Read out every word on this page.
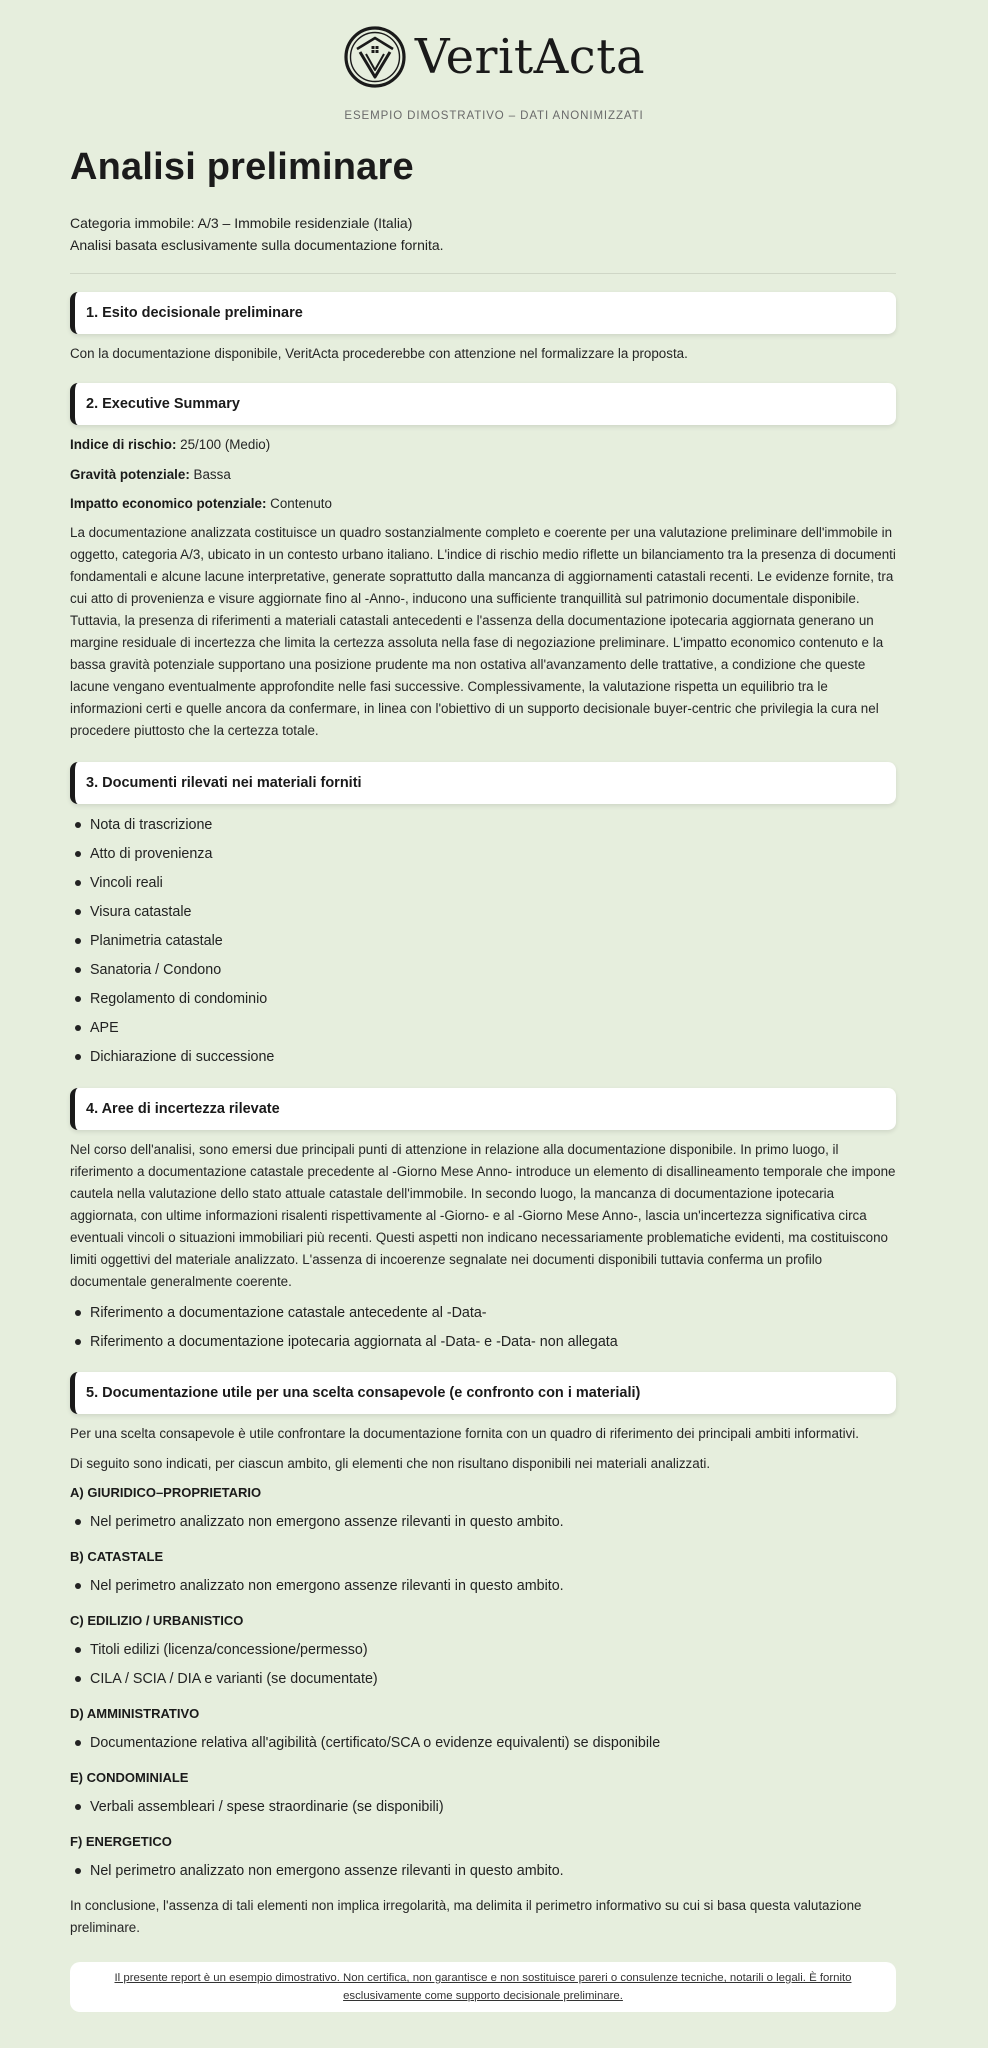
VeritActa
ESEMPIO DIMOSTRATIVO – DATI ANONIMIZZATI
Analisi preliminare
Categoria immobile: A/3 – Immobile residenziale (Italia)
Analisi basata esclusivamente sulla documentazione fornita.
1. Esito decisionale preliminare

Con la documentazione disponibile, VeritActa procederebbe con attenzione nel formalizzare la proposta.

2. Executive Summary
Indice di rischio: 25/100 (Medio)
Gravità potenziale: Bassa
Impatto economico potenziale: Contenuto

La documentazione analizzata costituisce un quadro sostanzialmente completo e coerente per una valutazione preliminare dell'immobile in oggetto, categoria A/3, ubicato in un contesto urbano italiano. L'indice di rischio medio riflette un bilanciamento tra la presenza di documenti fondamentali e alcune lacune interpretative, generate soprattutto dalla mancanza di aggiornamenti catastali recenti. Le evidenze fornite, tra cui atto di provenienza e visure aggiornate fino al -Anno-, inducono una sufficiente tranquillità sul patrimonio documentale disponibile. Tuttavia, la presenza di riferimenti a materiali catastali antecedenti e l'assenza della documentazione ipotecaria aggiornata generano un margine residuale di incertezza che limita la certezza assoluta nella fase di negoziazione preliminare. L'impatto economico contenuto e la bassa gravità potenziale supportano una posizione prudente ma non ostativa all'avanzamento delle trattative, a condizione che queste lacune vengano eventualmente approfondite nelle fasi successive. Complessivamente, la valutazione rispetta un equilibrio tra le informazioni certi e quelle ancora da confermare, in linea con l'obiettivo di un supporto decisionale buyer-centric che privilegia la cura nel procedere piuttosto che la certezza totale.

3. Documenti rilevati nei materiali forniti
Nota di trascrizione
Atto di provenienza
Vincoli reali
Visura catastale
Planimetria catastale
Sanatoria / Condono
Regolamento di condominio
APE
Dichiarazione di successione
4. Aree di incertezza rilevate

Nel corso dell'analisi, sono emersi due principali punti di attenzione in relazione alla documentazione disponibile. In primo luogo, il riferimento a documentazione catastale precedente al -Giorno Mese Anno- introduce un elemento di disallineamento temporale che impone cautela nella valutazione dello stato attuale catastale dell'immobile. In secondo luogo, la mancanza di documentazione ipotecaria aggiornata, con ultime informazioni risalenti rispettivamente al -Giorno- e al -Giorno Mese Anno-, lascia un'incertezza significativa circa eventuali vincoli o situazioni immobiliari più recenti. Questi aspetti non indicano necessariamente problematiche evidenti, ma costituiscono limiti oggettivi del materiale analizzato. L'assenza di incoerenze segnalate nei documenti disponibili tuttavia conferma un profilo documentale generalmente coerente.

Riferimento a documentazione catastale antecedente al -Data-
Riferimento a documentazione ipotecaria aggiornata al -Data- e -Data- non allegata
5. Documentazione utile per una scelta consapevole (e confronto con i materiali)

Per una scelta consapevole è utile confrontare la documentazione fornita con un quadro di riferimento dei principali ambiti informativi.

Di seguito sono indicati, per ciascun ambito, gli elementi che non risultano disponibili nei materiali analizzati.

A) GIURIDICO–PROPRIETARIO
Nel perimetro analizzato non emergono assenze rilevanti in questo ambito.
B) CATASTALE
Nel perimetro analizzato non emergono assenze rilevanti in questo ambito.
C) EDILIZIO / URBANISTICO
Titoli edilizi (licenza/concessione/permesso)
CILA / SCIA / DIA e varianti (se documentate)
D) AMMINISTRATIVO
Documentazione relativa all'agibilità (certificato/SCA o evidenze equivalenti) se disponibile
E) CONDOMINIALE
Verbali assembleari / spese straordinarie (se disponibili)
F) ENERGETICO
Nel perimetro analizzato non emergono assenze rilevanti in questo ambito.

In conclusione, l'assenza di tali elementi non implica irregolarità, ma delimita il perimetro informativo su cui si basa questa valutazione preliminare.

Il presente report è un esempio dimostrativo. Non certifica, non garantisce e non sostituisce pareri o consulenze tecniche, notarili o legali. È fornito esclusivamente come supporto decisionale preliminare.
